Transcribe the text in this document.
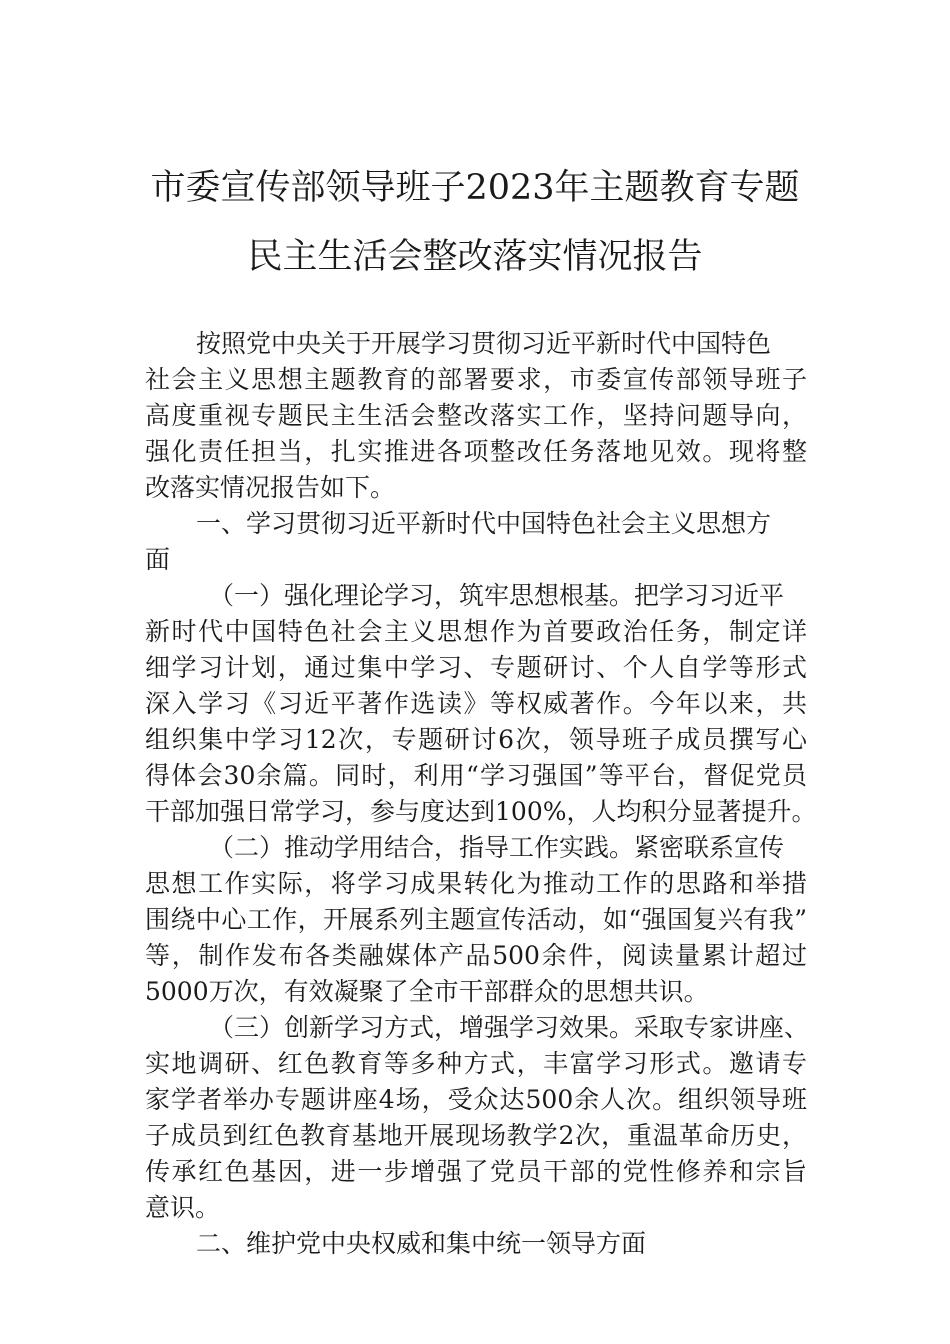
市委宣传部领导班子2023年主题教育专题
民主生活会整改落实情况报告
按照党中央关于开展学习贯彻习近平新时代中国特色
社会主义思想主题教育的部署要求，市委宣传部领导班子
高度重视专题民主生活会整改落实工作，坚持问题导向，
强化责任担当，扎实推进各项整改任务落地见效。现将整
改落实情况报告如下。
一、学习贯彻习近平新时代中国特色社会主义思想方
面
（一）强化理论学习，筑牢思想根基。把学习习近平
新时代中国特色社会主义思想作为首要政治任务，制定详
细学习计划，通过集中学习、专题研讨、个人自学等形式
深入学习《习近平著作选读》等权威著作。今年以来，共
组织集中学习12次，专题研讨6次，领导班子成员撰写心
得体会30余篇。同时，利用“学习强国”等平台，督促党员
干部加强日常学习，参与度达到100%，人均积分显著提升。
（二）推动学用结合，指导工作实践。紧密联系宣传
思想工作实际，将学习成果转化为推动工作的思路和举措
围绕中心工作，开展系列主题宣传活动，如“强国复兴有我”
等，制作发布各类融媒体产品500余件，阅读量累计超过
5000万次，有效凝聚了全市干部群众的思想共识。
（三）创新学习方式，增强学习效果。采取专家讲座、
实地调研、红色教育等多种方式，丰富学习形式。邀请专
家学者举办专题讲座4场，受众达500余人次。组织领导班
子成员到红色教育基地开展现场教学2次，重温革命历史，
传承红色基因，进一步增强了党员干部的党性修养和宗旨
意识。
二、维护党中央权威和集中统一领导方面
